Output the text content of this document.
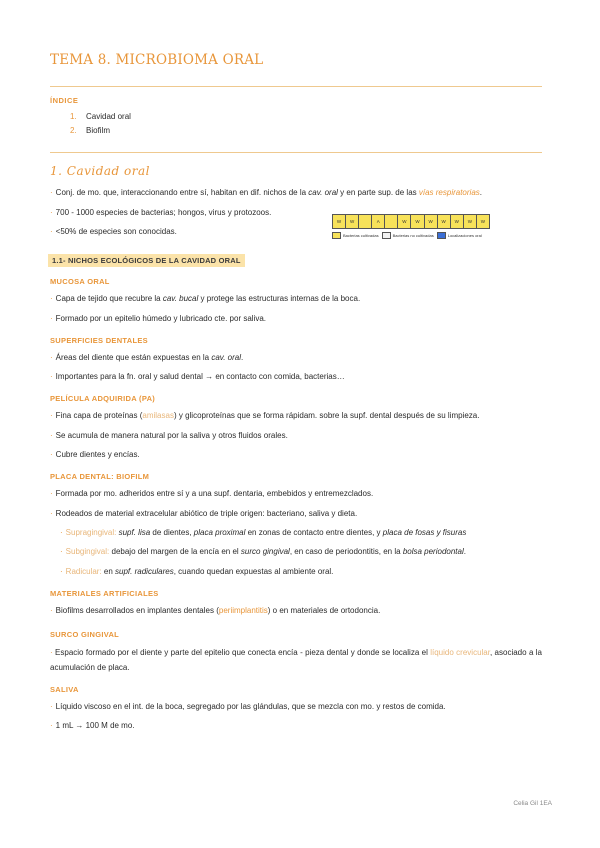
TEMA 8. MICROBIOMA ORAL
ÍNDICE
1. Cavidad oral
2. Biofilm
1. Cavidad oral
· Conj. de mo. que, interaccionando entre sí, habitan en dif. nichos de la cav. oral y en parte sup. de las vías respiratorias.
· 700 - 1000 especies de bacterias; hongos, virus y protozoos.
· <50% de especies son conocidas.
W	W	A	W	W	W	W	W	W	W
Bacterias cultivadas	Bacterias no cultivadas	Localizaciones oral
1.1- NICHOS ECOLÓGICOS DE LA CAVIDAD ORAL
MUCOSA ORAL
· Capa de tejido que recubre la cav. bucal y protege las estructuras internas de la boca.
· Formado por un epitelio húmedo y lubricado cte. por saliva.
SUPERFICIES DENTALES
· Áreas del diente que están expuestas en la cav. oral.
· Importantes para la fn. oral y salud dental → en contacto con comida, bacterias…
PELÍCULA ADQUIRIDA (PA)
· Fina capa de proteínas (amilasas) y glicoproteínas que se forma rápidam. sobre la supf. dental después de su limpieza.
· Se acumula de manera natural por la saliva y otros fluidos orales.
· Cubre dientes y encías.
PLACA DENTAL: BIOFILM
· Formada por mo. adheridos entre sí y a una supf. dentaria, embebidos y entremezclados.
· Rodeados de material extracelular abiótico de triple origen: bacteriano, saliva y dieta.
· Supragingival: supf. lisa de dientes, placa proximal en zonas de contacto entre dientes, y placa de fosas y fisuras
· Subgingival: debajo del margen de la encía en el surco gingival, en caso de periodontitis, en la bolsa periodontal.
· Radicular: en supf. radiculares, cuando quedan expuestas al ambiente oral.
MATERIALES ARTIFICIALES
· Biofilms desarrollados en implantes dentales (periimplantitis) o en materiales de ortodoncia.
SURCO GINGIVAL
· Espacio formado por el diente y parte del epitelio que conecta encía - pieza dental y donde se localiza el líquido crevicular, asociado a la acumulación de placa.
SALIVA
· Líquido viscoso en el int. de la boca, segregado por las glándulas, que se mezcla con mo. y restos de comida.
· 1 mL → 100 M de mo.
Celia Gil 1EA
